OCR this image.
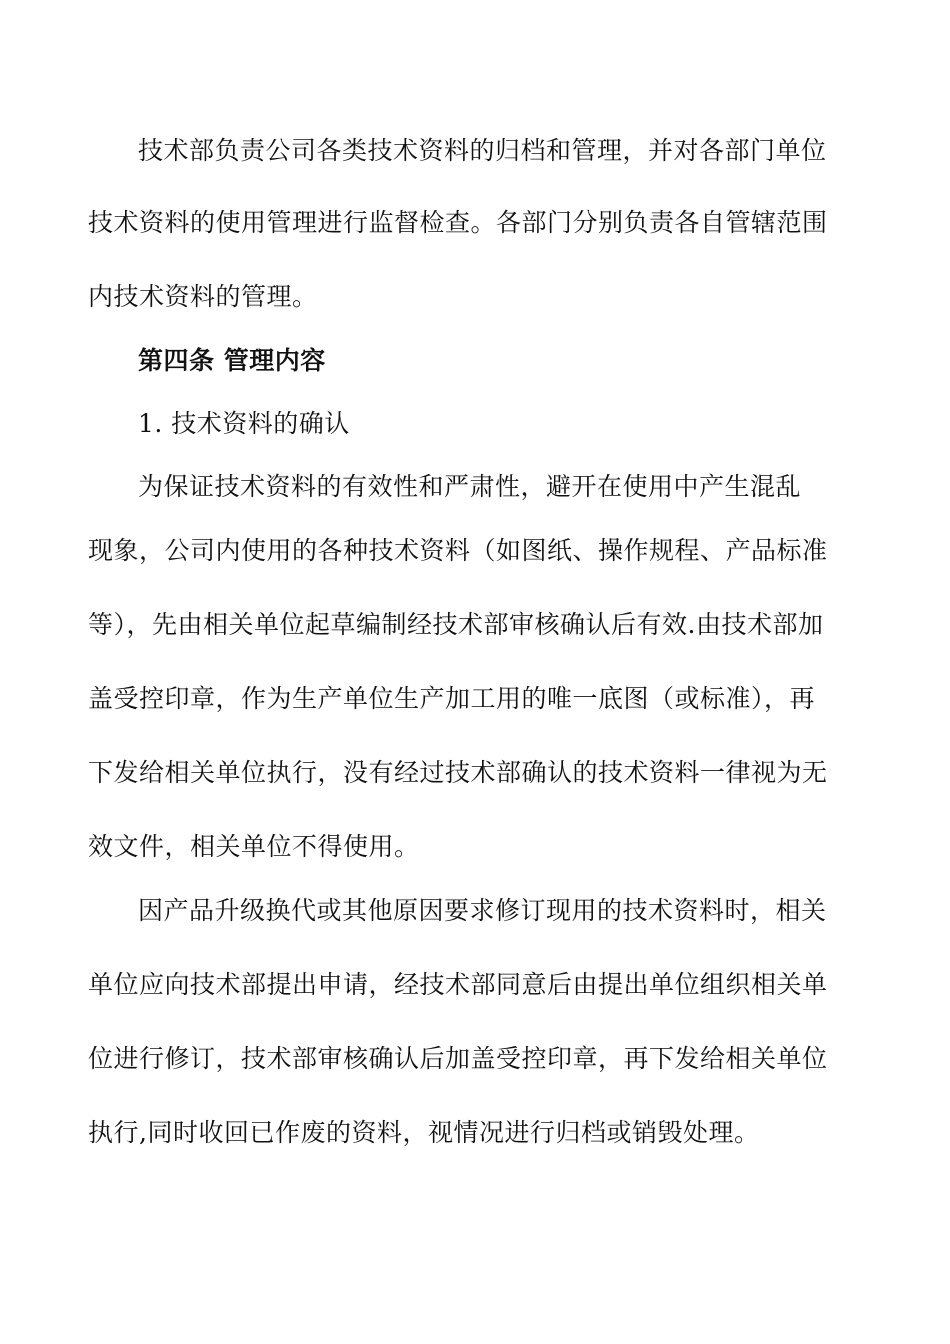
技术部负责公司各类技术资料的归档和管理，并对各部门单位
技术资料的使用管理进行监督检查。各部门分别负责各自管辖范围
内技术资料的管理。
第四条 管理内容
1. 技术资料的确认
为保证技术资料的有效性和严肃性，避开在使用中产生混乱
现象，公司内使用的各种技术资料（如图纸、操作规程、产品标准
等），先由相关单位起草编制经技术部审核确认后有效.由技术部加
盖受控印章，作为生产单位生产加工用的唯一底图（或标准），再
下发给相关单位执行，没有经过技术部确认的技术资料一律视为无
效文件，相关单位不得使用。
因产品升级换代或其他原因要求修订现用的技术资料时，相关
单位应向技术部提出申请，经技术部同意后由提出单位组织相关单
位进行修订，技术部审核确认后加盖受控印章，再下发给相关单位
执行,同时收回已作废的资料，视情况进行归档或销毁处理。
